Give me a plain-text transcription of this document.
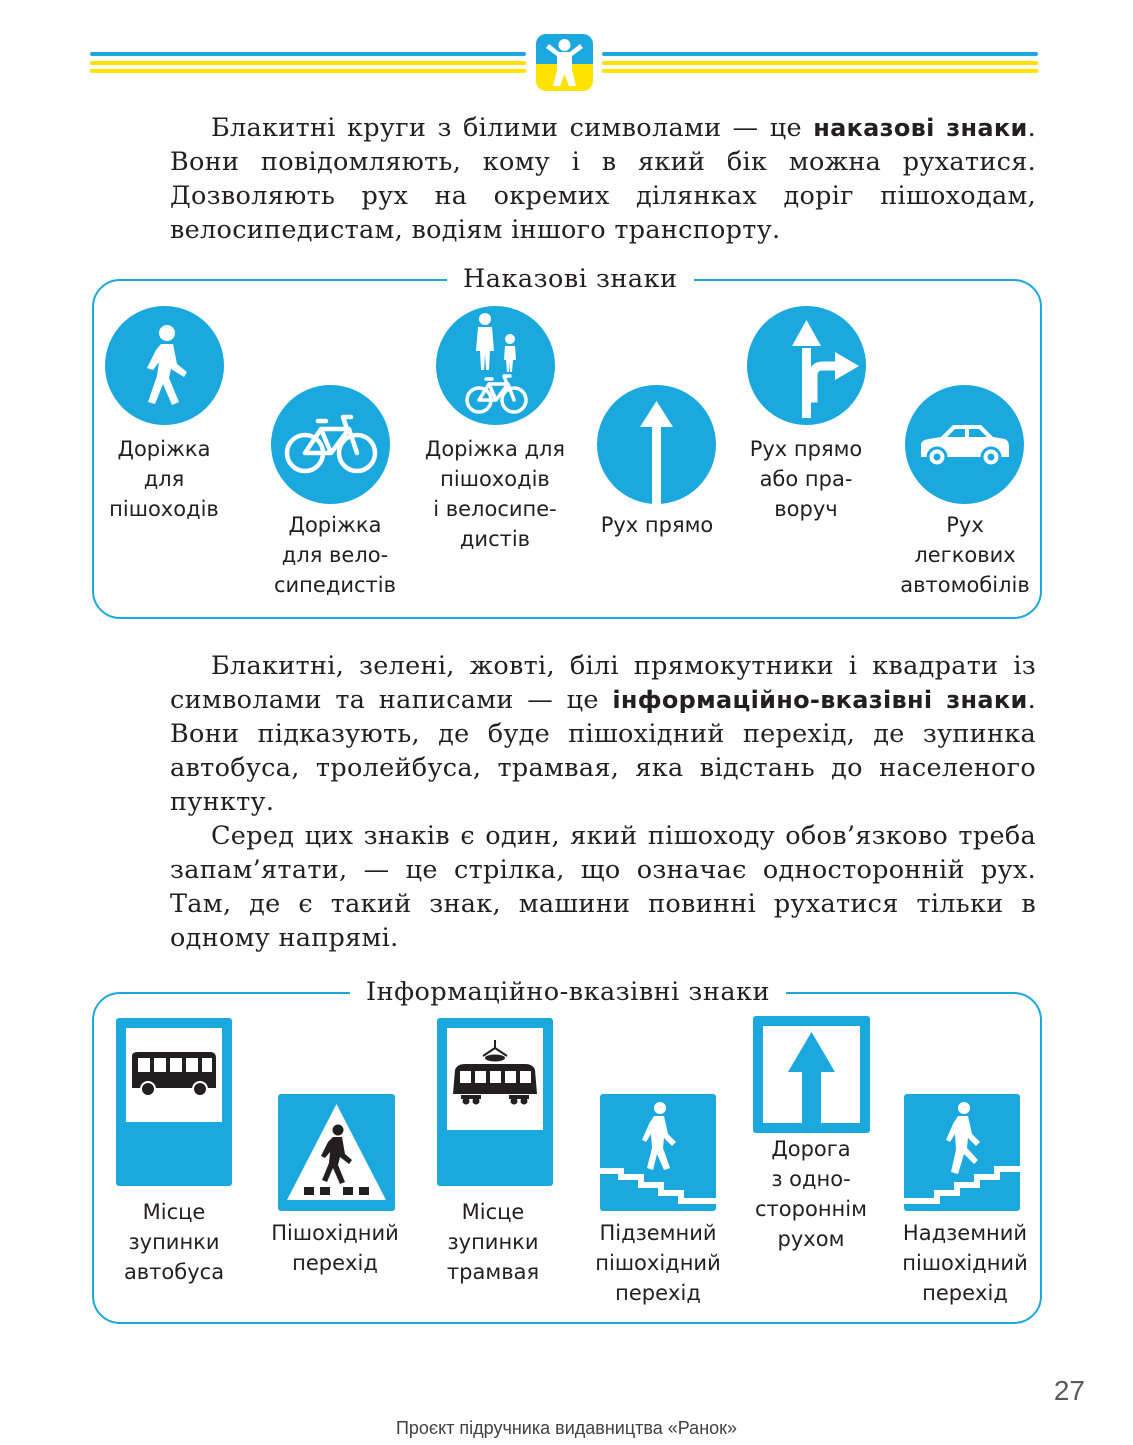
Блакитні круги з білими символами — це наказові знаки. Вони повідомляють, кому і в який бік можна рухатися. Дозволяють рух на окремих ділянках доріг пішоходам, велосипедистам, водіям іншого транспорту.

Наказові знаки
Доріжка
для
пішоходів
Доріжка
для вело-
сипедистів
Доріжка для
пішоходів
і велосипе-
дистів
Рух прямо
Рух прямо
або пра-
воруч
Рух
легкових
автомобілів

Блакитні, зелені, жовті, білі прямокутники і квадрати із символами та написами — це інформаційно-вказівні знаки. Вони підказують, де буде пішохідний перехід, де зупинка автобуса, тролейбуса, трамвая, яка відстань до населеного пункту.

Серед цих знаків є один, який пішоходу обов’язково треба запам’ятати, — це стрілка, що означає односторонній рух. Там, де є такий знак, машини повинні рухатися тільки в одному напрямі.

Інформаційно-вказівні знаки
Місце
зупинки
автобуса
Пішохідний
перехід
Місце
зупинки
трамвая
Підземний
пішохідний
перехід
Дорога
з одно-
стороннім
рухом	Надземний
пішохідний
перехід
27
Проєкт підручника видавництва «Ранок»
